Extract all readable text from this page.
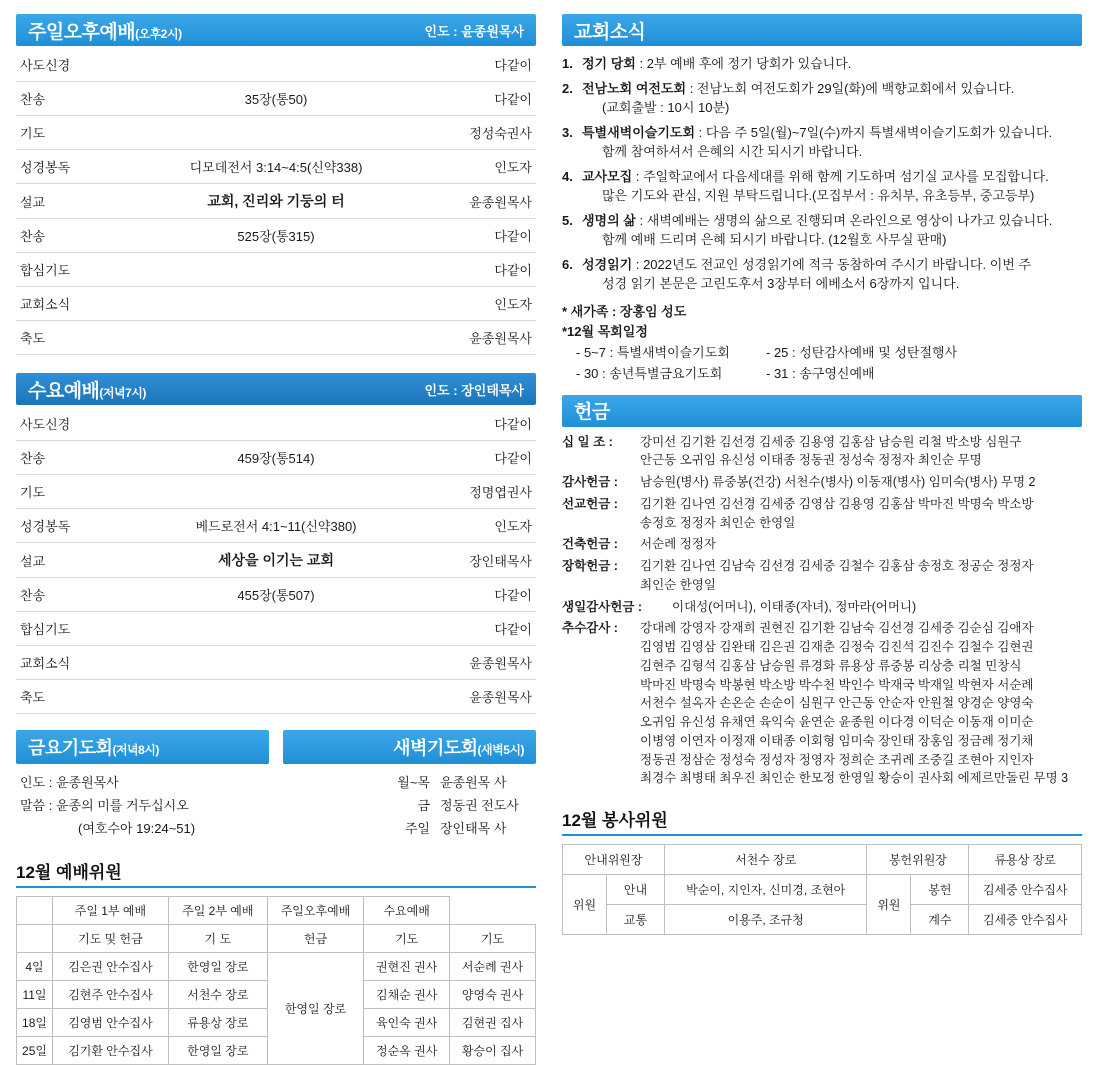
주일오후예배(오후2시)	인도 : 윤종원목사
사도신경		다같이
찬송	35장(통50)	다같이
기도		정성숙권사
성경봉독	디모데전서 3:14~4:5(신약338)	인도자
설교	교회, 진리와 기둥의 터	윤종원목사
찬송	525장(통315)	다같이
합심기도		다같이
교회소식		인도자
축도		윤종원목사
수요예배(저녁7시)	인도 : 장인태목사
사도신경		다같이
찬송	459장(통514)	다같이
기도		정명엽권사
성경봉독	베드로전서 4:1~11(신약380)	인도자
설교	세상을 이기는 교회	장인태목사
찬송	455장(통507)	다같이
합심기도		다같이
교회소식		윤종원목사
축도		윤종원목사
금요기도회(저녁8시)
인도 : 윤종원목사
말씀 : 윤종의 미를 거두십시오
(여호수아 19:24~51)
새벽기도회(새벽5시)
월~목 윤종원목 사
금 정동권 전도사
주일 장인태목 사
12월 예배위원
	주일 1부 예배	주일 2부 예배	주일오후예배	수요예배	
	기도 및 헌금	기 도	헌금	기도	기도
4일	김은권 안수집사	한영일 장로	한영일 장로	권현진 권사	서순례 권사
11일	김현주 안수집사	서천수 장로		김채순 권사	양영숙 권사
18일	김영범 안수집사	류용상 장로		육인숙 권사	김현권 집사
25일	김기환 안수집사	한영일 장로		정순옥 권사	황승이 집사
교회소식
1. 정기 당회 : 2부 예배 후에 정기 당회가 있습니다.
2. 전남노회 여전도회 : 전남노회 여전도회가 29일(화)에 백향교회에서 있습니다.
(교회출발 : 10시 10분)
3. 특별새벽이슬기도회 : 다음 주 5일(월)~7일(수)까지 특별새벽이슬기도회가 있습니다.
함께 참여하셔서 은혜의 시간 되시기 바랍니다.
4. 교사모집 : 주일학교에서 다음세대를 위해 함께 기도하며 섬기실 교사를 모집합니다.
많은 기도와 관심, 지원 부탁드립니다.(모집부서 : 유치부, 유초등부, 중고등부)
5. 생명의 삶 : 새벽예배는 생명의 삶으로 진행되며 온라인으로 영상이 나가고 있습니다.
함께 예배 드리며 은혜 되시기 바랍니다. (12월호 사무실 판매)
6. 성경읽기 : 2022년도 전교인 성경읽기에 적극 동참하여 주시기 바랍니다. 이번 주
성경 읽기 본문은 고린도후서 3장부터 에베소서 6장까지 입니다.
* 새가족 : 장홍임 성도
*12월 목회일정
- 5~7 : 특별새벽이슬기도회	- 25 : 성탄감사예배 및 성탄절행사
- 30 : 송년특별금요기도회	- 31 : 송구영신예배
헌금
십 일 조 :	강미선 김기환 김선경 김세중 김용영 김홍삼 남승원 리철 박소방 심원구
안근동 오귀임 유신성 이태종 정동권 정성숙 정정자 최인순 무명
감사헌금 :	남승원(병사) 류중봉(건강) 서천수(병사) 이동재(병사) 임미숙(병사) 무명 2
선교헌금 :	김기환 김나연 김선경 김세중 김영삼 김용영 김홍삼 박마진 박명숙 박소방
송정호 정정자 최인순 한영일
건축헌금 :	서순례 정정자
장학헌금 :	김기환 김나연 김남숙 김선경 김세중 김철수 김홍삼 송정호 정공순 정정자
최인순 한영일
생일감사헌금 :	이대성(어머니), 이태종(자녀), 정마라(어머니)
추수감사 :	강대례 강영자 강재희 권현진 김기환 김남숙 김선경 김세중 김순심 김애자
김영범 김영삼 김완태 김은권 김재춘 김정숙 김진석 김진수 김철수 김현권
김현주 김형석 김홍삼 남승원 류경화 류용상 류중봉 리상층 리철 민창식
박마진 박명숙 박봉현 박소방 박수천 박인수 박재국 박재일 박현자 서순례
서천수 설옥자 손온순 손순이 심원구 안근동 안순자 안원철 양경순 양영숙
오귀임 유신성 유채연 육익숙 윤연순 윤종원 이다경 이덕순 이동재 이미순
이병영 이연자 이정재 이태종 이회형 임미숙 장인태 장홍임 정금례 정기채
정동권 정삼순 정성숙 정성자 정영자 정희순 조귀례 조중길 조현아 지인자
최경수 최병태 최우진 최인순 한모정 한영일 황승이 권사회 에제르만돌린 무명 3
12월 봉사위원
안내위원장		서천수 장로	봉헌위원장		류용상 장로
위원	안내	박순이, 지인자, 신미경, 조현아	위원	봉헌	김세중 안수집사
	교통	이용주, 조규청		계수	김세중 안수집사
